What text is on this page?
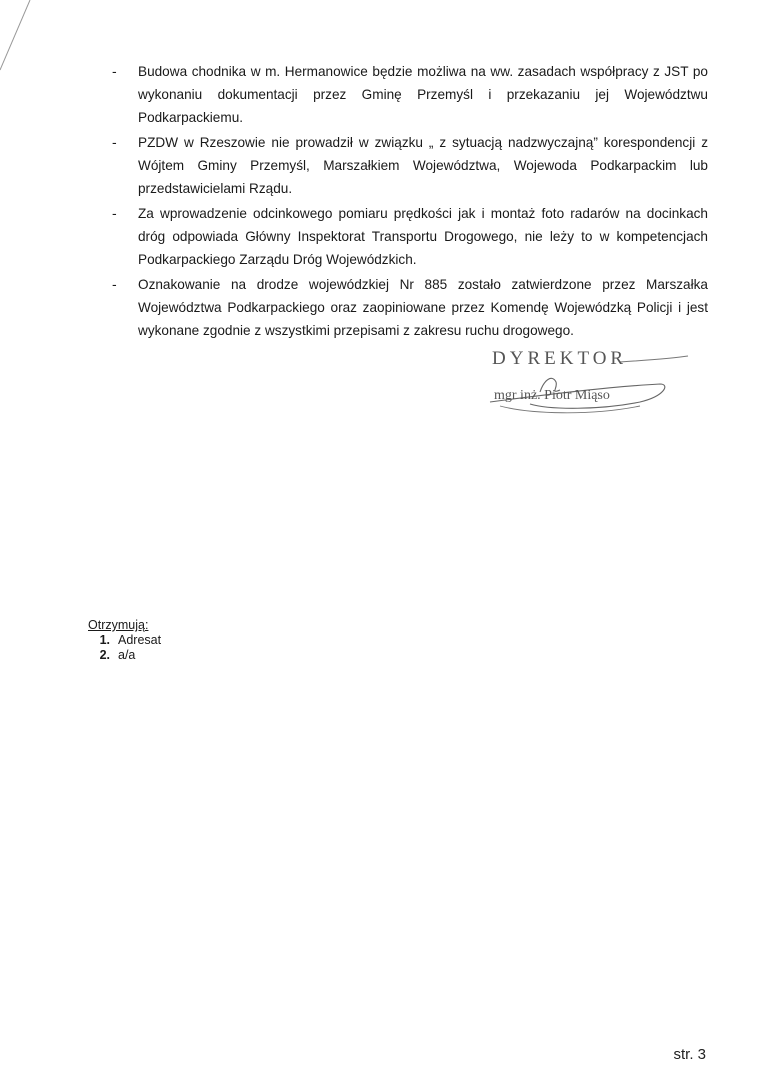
- Budowa chodnika w m. Hermanowice będzie możliwa na ww. zasadach współpracy z JST po wykonaniu dokumentacji przez Gminę Przemyśl i przekazaniu jej Województwu Podkarpackiemu.
- PZDW w Rzeszowie nie prowadził w związku „ z sytuacją nadzwyczajną” korespondencji z Wójtem Gminy Przemyśl, Marszałkiem Województwa, Wojewoda Podkarpackim lub przedstawicielami Rządu.
- Za wprowadzenie odcinkowego pomiaru prędkości jak i montaż foto radarów na docinkach dróg odpowiada Główny Inspektorat Transportu Drogowego, nie leży to w kompetencjach Podkarpackiego Zarządu Dróg Wojewódzkich.
- Oznakowanie na drodze wojewódzkiej Nr 885 zostało zatwierdzone przez Marszałka Województwa Podkarpackiego oraz zaopiniowane przez Komendę Wojewódzką Policji i jest wykonane zgodnie z wszystkimi przepisami z zakresu ruchu drogowego.
DYREKTOR
mgr inż. Piotr Miąso
Otrzymują:
1. Adresat
2. a/a
str. 3
